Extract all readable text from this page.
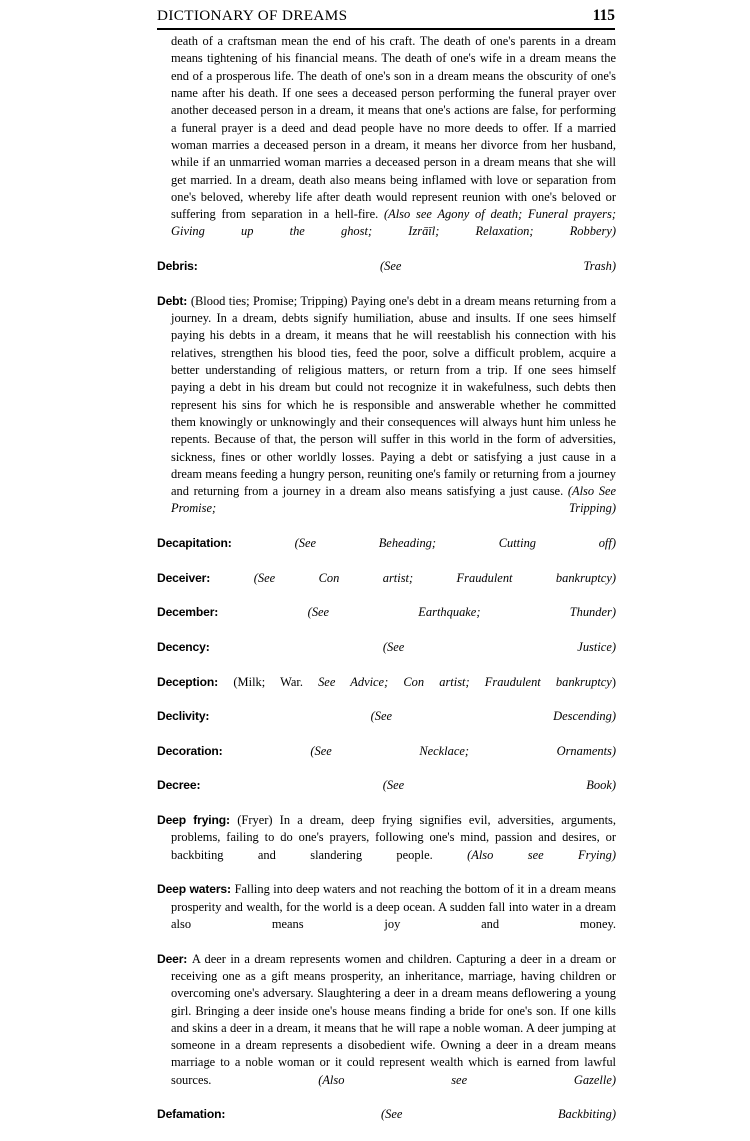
DICTIONARY OF DREAMS	115

death of a craftsman mean the end of his craft. The death of one's parents in a dream means tightening of his financial means. The death of one's wife in a dream means the end of a prosperous life. The death of one's son in a dream means the obscurity of one's name after his death. If one sees a deceased person performing the funeral prayer over another deceased person in a dream, it means that one's actions are false, for performing a funeral prayer is a deed and dead people have no more deeds to offer. If a married woman marries a deceased person in a dream, it means her divorce from her husband, while if an unmarried woman marries a deceased person in a dream means that she will get married. In a dream, death also means being inflamed with love or separation from one's beloved, whereby life after death would represent reunion with one's beloved or suffering from separation in a hell-fire. (Also see Agony of death; Funeral prayers; Giving up the ghost; Izrāīl; Relaxation; Robbery)

Debris: (See Trash)

Debt: (Blood ties; Promise; Tripping) Paying one's debt in a dream means returning from a journey. In a dream, debts signify humiliation, abuse and insults. If one sees himself paying his debts in a dream, it means that he will reestablish his connection with his relatives, strengthen his blood ties, feed the poor, solve a difficult problem, acquire a better understanding of religious matters, or return from a trip. If one sees himself paying a debt in his dream but could not recognize it in wakefulness, such debts then represent his sins for which he is responsible and answerable whether he committed them knowingly or unknowingly and their consequences will always hunt him unless he repents. Because of that, the person will suffer in this world in the form of adversities, sickness, fines or other worldly losses. Paying a debt or satisfying a just cause in a dream means feeding a hungry person, reuniting one's family or returning from a journey and returning from a journey in a dream also means satisfying a just cause. (Also See Promise; Tripping)

Decapitation: (See Beheading; Cutting off)

Deceiver: (See Con artist; Fraudulent bankruptcy)

December: (See Earthquake; Thunder)

Decency: (See Justice)

Deception: (Milk; War. See Advice; Con artist; Fraudulent bankruptcy)

Declivity: (See Descending)

Decoration: (See Necklace; Ornaments)

Decree: (See Book)

Deep frying: (Fryer) In a dream, deep frying signifies evil, adversities, arguments, problems, failing to do one's prayers, following one's mind, passion and desires, or backbiting and slandering people. (Also see Frying)

Deep waters: Falling into deep waters and not reaching the bottom of it in a dream means prosperity and wealth, for the world is a deep ocean. A sudden fall into water in a dream also means joy and money.

Deer: A deer in a dream represents women and children. Capturing a deer in a dream or receiving one as a gift means prosperity, an inheritance, marriage, having children or overcoming one's adversary. Slaughtering a deer in a dream means deflowering a young girl. Bringing a deer inside one's house means finding a bride for one's son. If one kills and skins a deer in a dream, it means that he will rape a noble woman. A deer jumping at someone in a dream represents a disobedient wife. Owning a deer in a dream means marriage to a noble woman or it could represent wealth which is earned from lawful sources. (Also see Gazelle)

Defamation: (See Backbiting)
